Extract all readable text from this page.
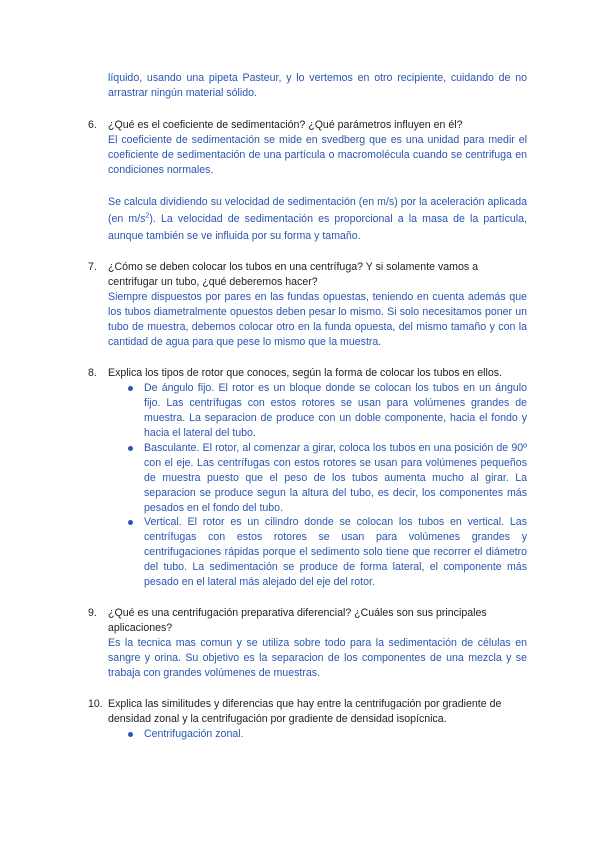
líquido, usando una pipeta Pasteur, y lo vertemos en otro recipiente, cuidando de no arrastrar ningún material sólido.
6. ¿Qué es el coeficiente de sedimentación? ¿Qué parámetros influyen en él?
El coeficiente de sedimentación se mide en svedberg que es una unidad para medir el coeficiente de sedimentación de una partícula o macromolécula cuando se centrifuga en condiciones normales.
Se calcula dividiendo su velocidad de sedimentación (en m/s) por la aceleración aplicada (en $m/s^2$). La velocidad de sedimentación es proporcional a la masa de la partícula, aunque también se ve influida por su forma y tamaño.
7. ¿Cómo se deben colocar los tubos en una centrífuga? Y si solamente vamos a centrifugar un tubo, ¿qué deberemos hacer?
Siempre dispuestos por pares en las fundas opuestas, teniendo en cuenta además que los tubos diametralmente opuestos deben pesar lo mismo. Si solo necesitamos poner un tubo de muestra, debemos colocar otro en la funda opuesta, del mismo tamaño y con la cantidad de agua para que pese lo mismo que la muestra.
8. Explica los tipos de rotor que conoces, según la forma de colocar los tubos en ellos.
De ángulo fijo. El rotor es un bloque donde se colocan los tubos en un ángulo fijo. Las centrífugas con estos rotores se usan para volúmenes grandes de muestra. La separacion de produce con un doble componente, hacia el fondo y hacia el lateral del tubo.
Basculante. El rotor, al comenzar a girar, coloca los tubos en una posición de 90º con el eje. Las centrífugas con estos rotores se usan para volúmenes pequeños de muestra puesto que el peso de los tubos aumenta mucho al girar. La separacion se produce segun la altura del tubo, es decir, los componentes más pesados en el fondo del tubo.
Vertical. El rotor es un cilindro donde se colocan los tubos en vertical. Las centrífugas con estos rotores se usan para volúmenes grandes y centrifugaciones rápidas porque el sedimento solo tiene que recorrer el diámetro del tubo. La sedimentación se produce de forma lateral, el componente más pesado en el lateral más alejado del eje del rotor.
9. ¿Qué es una centrifugación preparativa diferencial? ¿Cuáles son sus principales aplicaciones?
Es la tecnica mas comun y se utiliza sobre todo para la sedimentación de células en sangre y orina. Su objetivo es la separacion de los componentes de una mezcla y se trabaja con grandes volúmenes de muestras.
10. Explica las similitudes y diferencias que hay entre la centrifugación por gradiente de densidad zonal y la centrifugación por gradiente de densidad isopícnica.
Centrifugación zonal.
